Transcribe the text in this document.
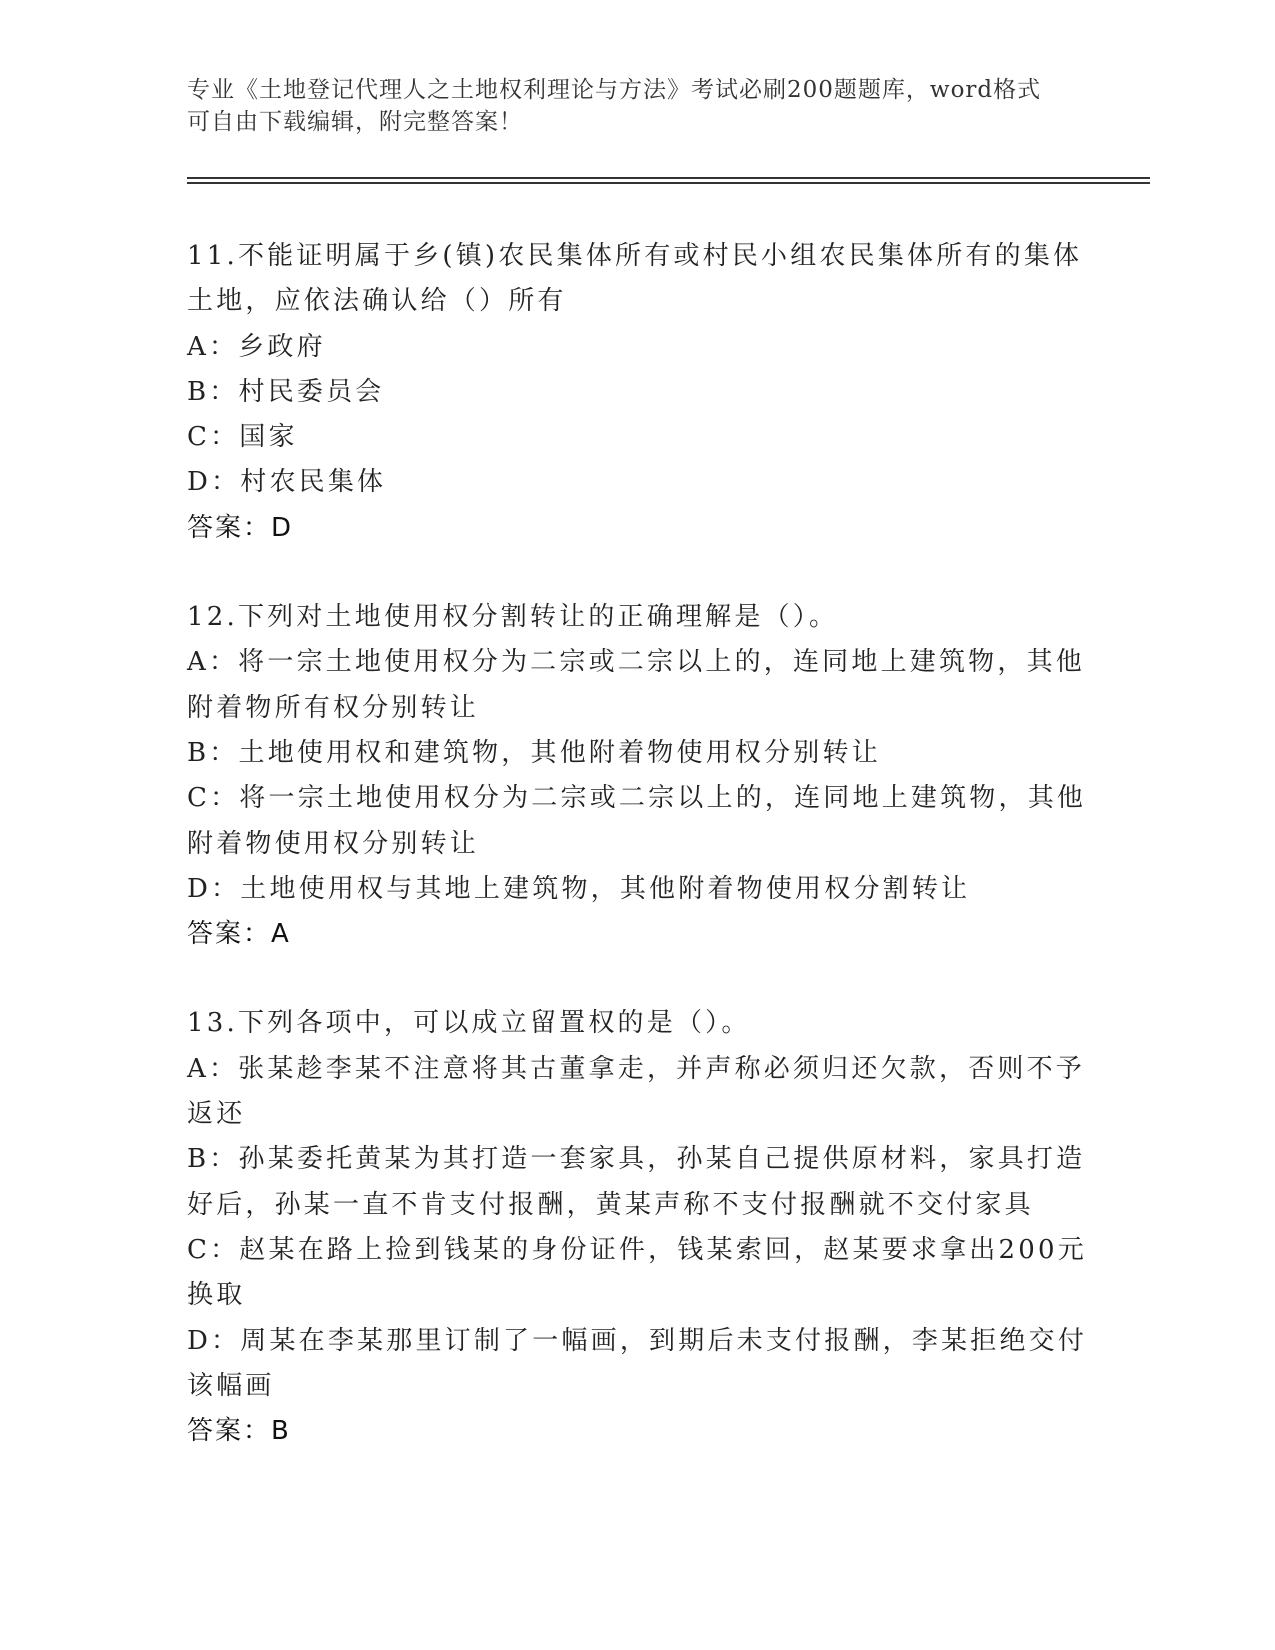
专业《土地登记代理人之土地权利理论与方法》考试必刷200题题库，word格式

可自由下载编辑，附完整答案！

11.不能证明属于乡(镇)农民集体所有或村民小组农民集体所有的集体

土地，应依法确认给（）所有

A：乡政府

B：村民委员会

C：国家

D：村农民集体

答案：D

12.下列对土地使用权分割转让的正确理解是（）。

A：将一宗土地使用权分为二宗或二宗以上的，连同地上建筑物，其他

附着物所有权分别转让

B：土地使用权和建筑物，其他附着物使用权分别转让

C：将一宗土地使用权分为二宗或二宗以上的，连同地上建筑物，其他

附着物使用权分别转让

D：土地使用权与其地上建筑物，其他附着物使用权分割转让

答案：A

13.下列各项中，可以成立留置权的是（）。

A：张某趁李某不注意将其古董拿走，并声称必须归还欠款，否则不予

返还

B：孙某委托黄某为其打造一套家具，孙某自己提供原材料，家具打造

好后，孙某一直不肯支付报酬，黄某声称不支付报酬就不交付家具

C：赵某在路上捡到钱某的身份证件，钱某索回，赵某要求拿出200元

换取

D：周某在李某那里订制了一幅画，到期后未支付报酬，李某拒绝交付

该幅画

答案：B
